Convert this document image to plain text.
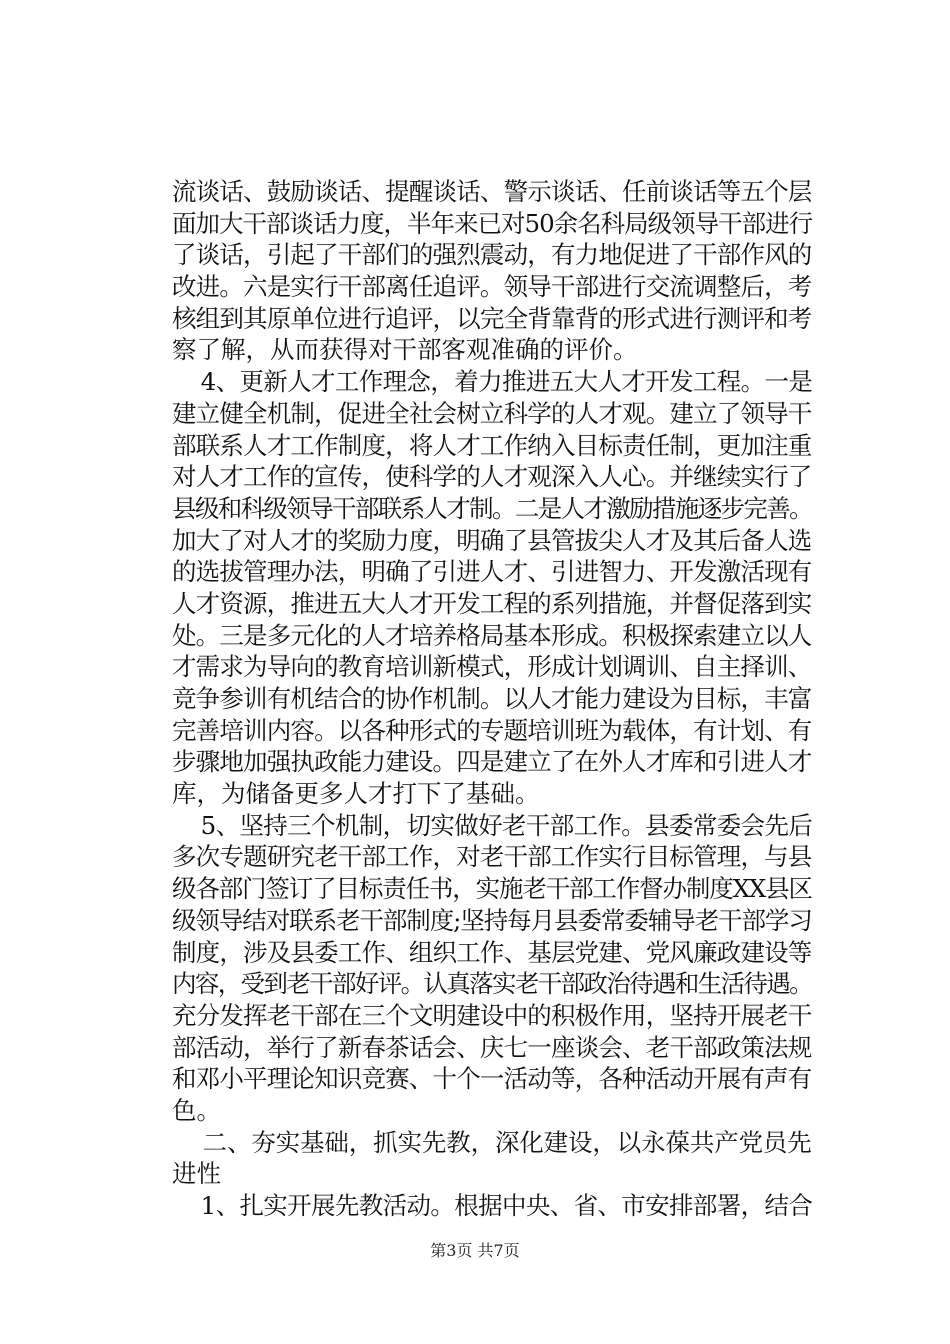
流谈话、鼓励谈话、提醒谈话、警示谈话、任前谈话等五个层
面加大干部谈话力度，半年来已对50余名科局级领导干部进行
了谈话，引起了干部们的强烈震动，有力地促进了干部作风的
改进。六是实行干部离任追评。领导干部进行交流调整后，考
核组到其原单位进行追评，以完全背靠背的形式进行测评和考
察了解，从而获得对干部客观准确的评价。
4、更新人才工作理念，着力推进五大人才开发工程。一是
建立健全机制，促进全社会树立科学的人才观。建立了领导干
部联系人才工作制度，将人才工作纳入目标责任制，更加注重
对人才工作的宣传，使科学的人才观深入人心。并继续实行了
县级和科级领导干部联系人才制。二是人才激励措施逐步完善。
加大了对人才的奖励力度，明确了县管拔尖人才及其后备人选
的选拔管理办法，明确了引进人才、引进智力、开发激活现有
人才资源，推进五大人才开发工程的系列措施，并督促落到实
处。三是多元化的人才培养格局基本形成。积极探索建立以人
才需求为导向的教育培训新模式，形成计划调训、自主择训、
竞争参训有机结合的协作机制。以人才能力建设为目标，丰富
完善培训内容。以各种形式的专题培训班为载体，有计划、有
步骤地加强执政能力建设。四是建立了在外人才库和引进人才
库，为储备更多人才打下了基础。
5、坚持三个机制，切实做好老干部工作。县委常委会先后
多次专题研究老干部工作，对老干部工作实行目标管理，与县
级各部门签订了目标责任书，实施老干部工作督办制度XX县区
级领导结对联系老干部制度;坚持每月县委常委辅导老干部学习
制度，涉及县委工作、组织工作、基层党建、党风廉政建设等
内容，受到老干部好评。认真落实老干部政治待遇和生活待遇。
充分发挥老干部在三个文明建设中的积极作用，坚持开展老干
部活动，举行了新春茶话会、庆七一座谈会、老干部政策法规
和邓小平理论知识竞赛、十个一活动等，各种活动开展有声有
色。
二、夯实基础，抓实先教，深化建设，以永葆共产党员先
进性
1、扎实开展先教活动。根据中央、省、市安排部署，结合
第3页 共7页
